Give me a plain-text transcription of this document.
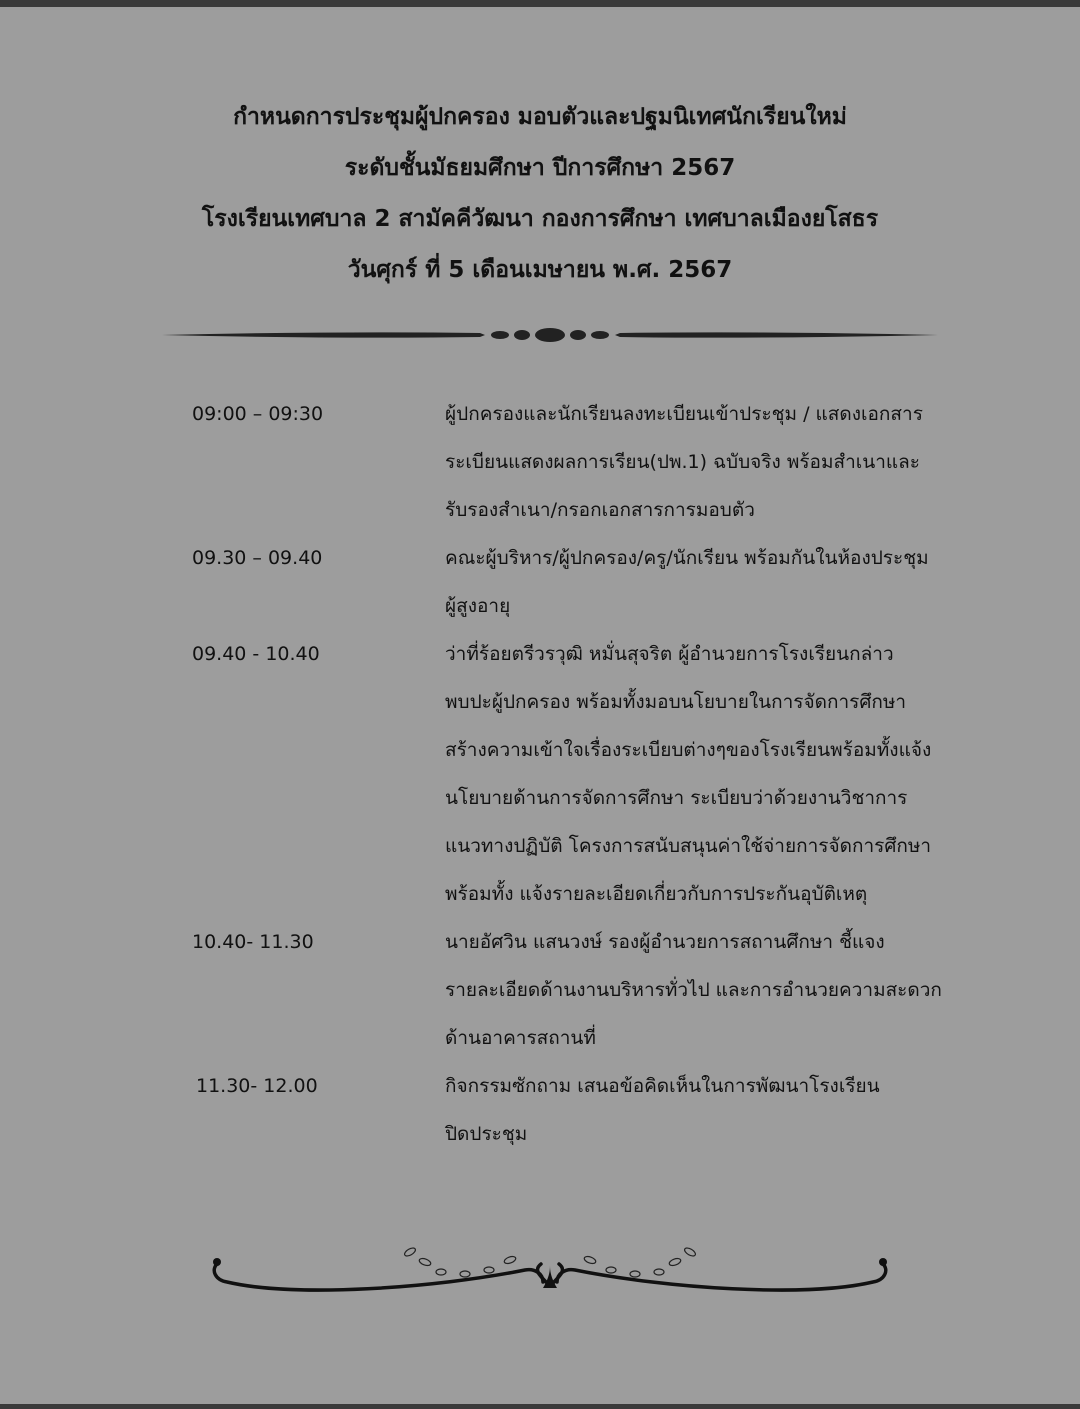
กำหนดการประชุมผู้ปกครอง มอบตัวและปฐมนิเทศนักเรียนใหม่
ระดับชั้นมัธยมศึกษา ปีการศึกษา 2567
โรงเรียนเทศบาล 2 สามัคคีวัฒนา กองการศึกษา เทศบาลเมืองยโสธร
วันศุกร์ ที่ 5 เดือนเมษายน พ.ศ. 2567
09:00 – 09:30	ผู้ปกครองและนักเรียนลงทะเบียนเข้าประชุม / แสดงเอกสาร
ระเบียนแสดงผลการเรียน(ปพ.1) ฉบับจริง พร้อมสำเนาและ
รับรองสำเนา/กรอกเอกสารการมอบตัว
09.30 – 09.40	คณะผู้บริหาร/ผู้ปกครอง/ครู/นักเรียน พร้อมกันในห้องประชุม
ผู้สูงอายุ
09.40 - 10.40	ว่าที่ร้อยตรีวรวุฒิ หมั่นสุจริต ผู้อำนวยการโรงเรียนกล่าว
พบปะผู้ปกครอง พร้อมทั้งมอบนโยบายในการจัดการศึกษา
สร้างความเข้าใจเรื่องระเบียบต่างๆของโรงเรียนพร้อมทั้งแจ้ง
นโยบายด้านการจัดการศึกษา ระเบียบว่าด้วยงานวิชาการ
แนวทางปฏิบัติ โครงการสนับสนุนค่าใช้จ่ายการจัดการศึกษา
พร้อมทั้ง แจ้งรายละเอียดเกี่ยวกับการประกันอุบัติเหตุ
10.40- 11.30	นายอัศวิน แสนวงษ์ รองผู้อำนวยการสถานศึกษา ชี้แจง
รายละเอียดด้านงานบริหารทั่วไป และการอำนวยความสะดวก
ด้านอาคารสถานที่
11.30- 12.00	กิจกรรมซักถาม เสนอข้อคิดเห็นในการพัฒนาโรงเรียน
ปิดประชุม
